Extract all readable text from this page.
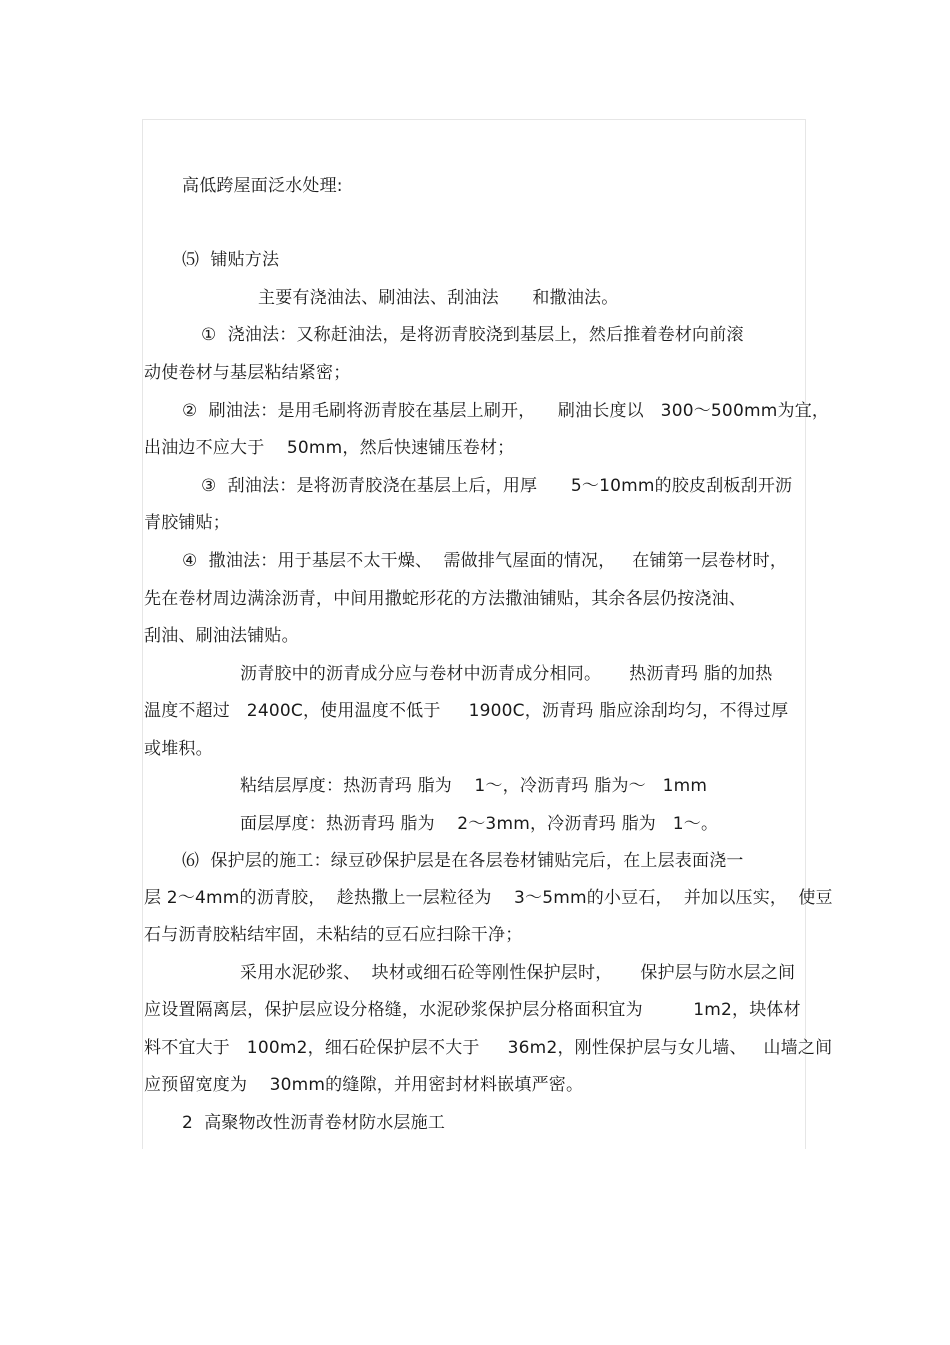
高低跨屋面泛水处理:
⑸  铺贴方法
主要有浇油法、刷油法、刮油法      和撒油法。
①  浇油法：又称赶油法，是将沥青胶浇到基层上，然后推着卷材向前滚
动使卷材与基层粘结紧密；
②  刷油法：是用毛刷将沥青胶在基层上刷开，    刷油长度以   300～500mm为宜，
出油边不应大于    50mm，然后快速铺压卷材；
③  刮油法：是将沥青胶浇在基层上后，用厚      5～10mm的胶皮刮板刮开沥
青胶铺贴；
④  撒油法：用于基层不太干燥、  需做排气屋面的情况，   在铺第一层卷材时，
先在卷材周边满涂沥青，中间用撒蛇形花的方法撒油铺贴，其余各层仍按浇油、
刮油、刷油法铺贴。
沥青胶中的沥青成分应与卷材中沥青成分相同。     热沥青玛 脂的加热
温度不超过   2400C，使用温度不低于     1900C，沥青玛 脂应涂刮均匀，不得过厚
或堆积。
粘结层厚度：热沥青玛 脂为    1～，冷沥青玛 脂为～   1mm
面层厚度：热沥青玛 脂为    2～3mm，冷沥青玛 脂为   1～。
⑹  保护层的施工：绿豆砂保护层是在各层卷材铺贴完后，在上层表面浇一
层 2～4mm的沥青胶，  趁热撒上一层粒径为    3～5mm的小豆石，  并加以压实，  使豆
石与沥青胶粘结牢固，未粘结的豆石应扫除干净；
采用水泥砂浆、  块材或细石砼等刚性保护层时，     保护层与防水层之间
应设置隔离层，保护层应设分格缝，水泥砂浆保护层分格面积宜为         1m2，块体材
料不宜大于   100m2，细石砼保护层不大于     36m2，刚性保护层与女儿墙、   山墙之间
应预留宽度为    30mm的缝隙，并用密封材料嵌填严密。
2  高聚物改性沥青卷材防水层施工
